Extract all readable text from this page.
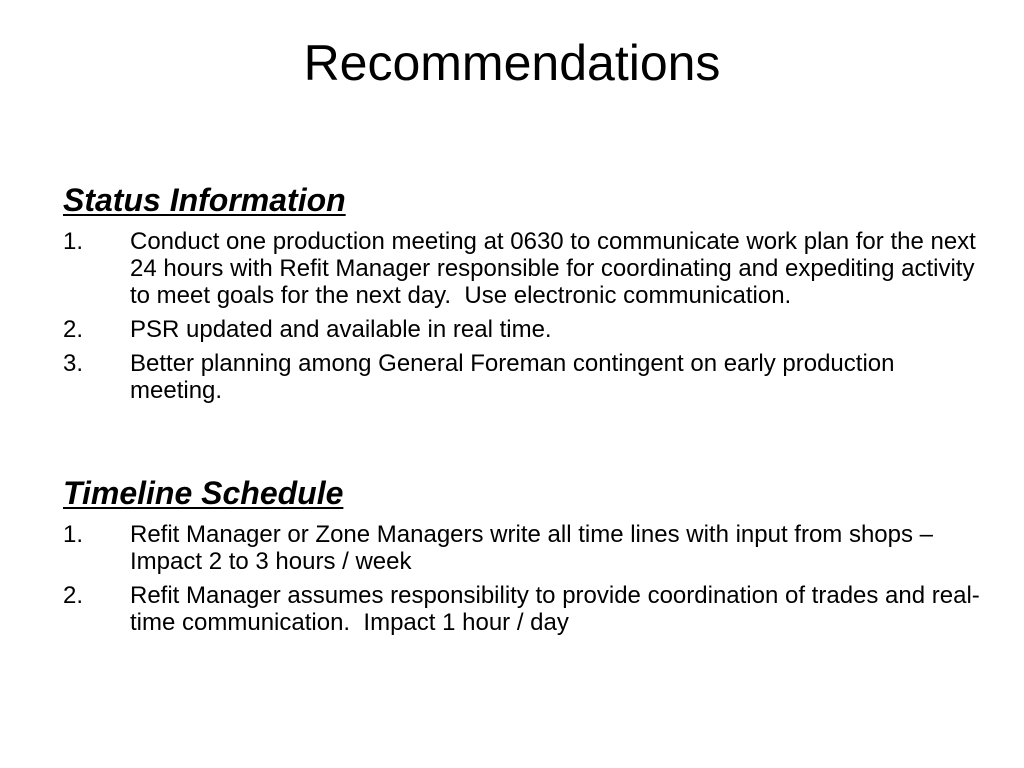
Recommendations
Status Information
1.	Conduct one production meeting at 0630 to communicate work plan for the next 24 hours with Refit Manager responsible for coordinating and expediting activity to meet goals for the next day.  Use electronic communication.
2.	PSR updated and available in real time.
3.	Better planning among General Foreman contingent on early production meeting.
Timeline Schedule
1.	Refit Manager or Zone Managers write all time lines with input from shops – Impact 2 to 3 hours / week
2.	Refit Manager assumes responsibility to provide coordination of trades and real-time communication.  Impact 1 hour / day
